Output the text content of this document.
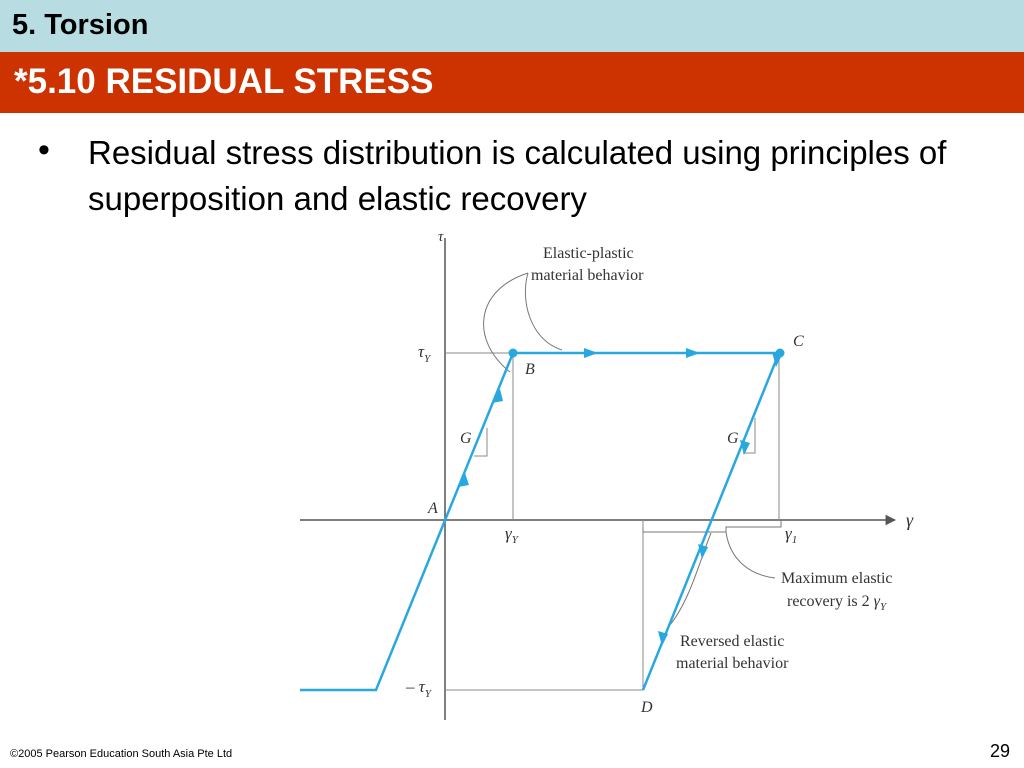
5. Torsion
*5.10 RESIDUAL STRESS
• Residual stress distribution is calculated using principles of superposition and elastic recovery
τ
γ
$\tau_Y$
– $\tau_Y$
$\gamma_Y$	$\gamma_1$
A
B
C
D
G	G
Elastic-plastic
material behavior
Maximum elastic
recovery is 2 $\gamma_Y$
Reversed elastic
material behavior
©2005 Pearson Education South Asia Pte Ltd	29
